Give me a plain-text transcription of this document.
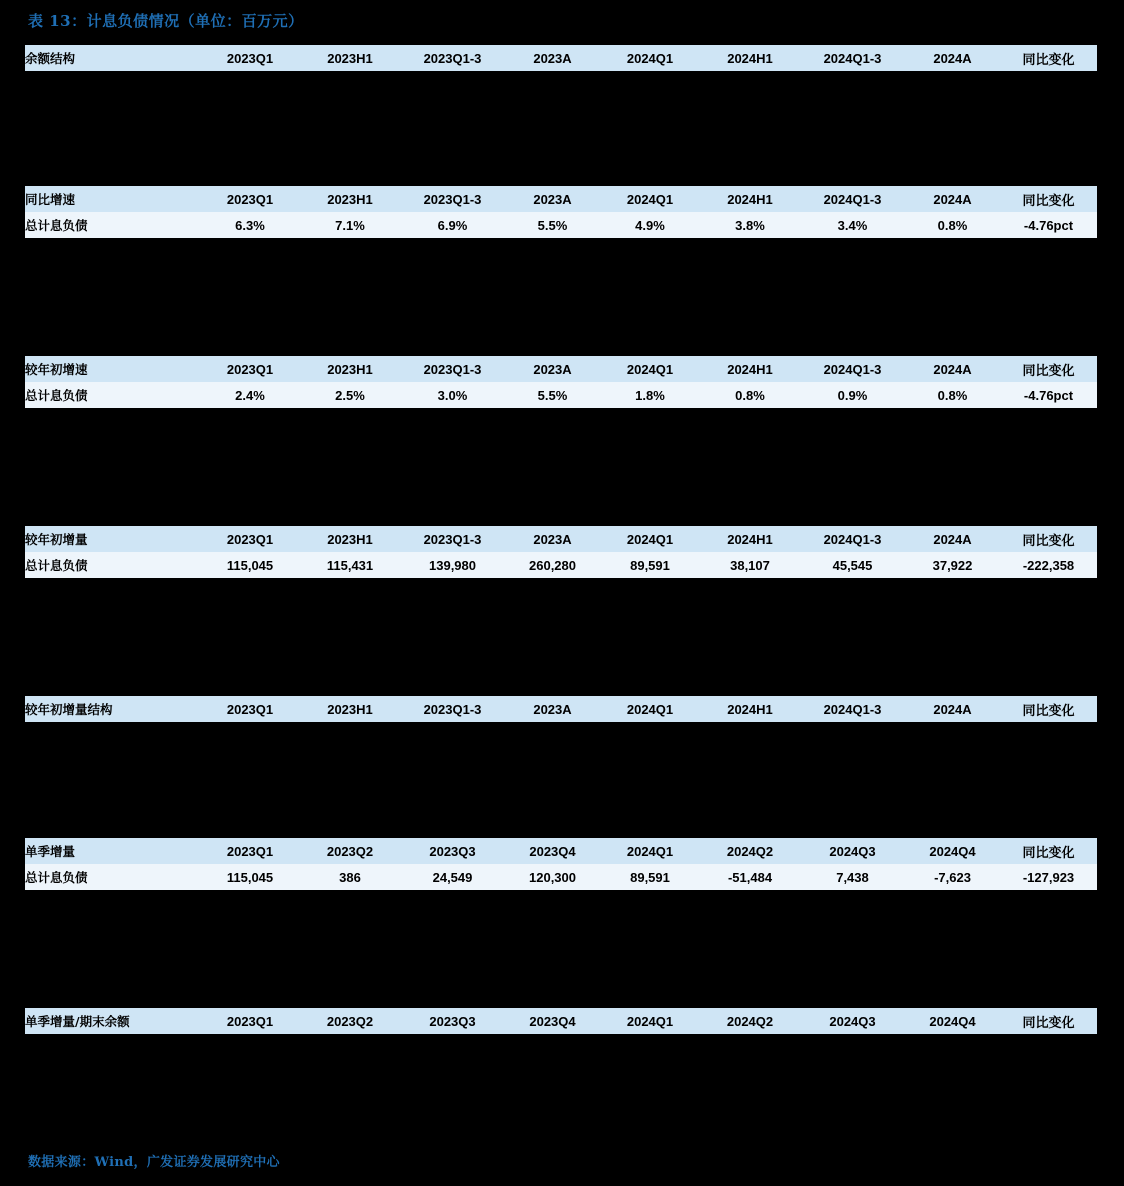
表 13：计息负债情况（单位：百万元）
余额结构	2023Q1	2023H1	2023Q1-3	2023A	2024Q1	2024H1	2024Q1-3	2024A	同比变化
同比增速	2023Q1	2023H1	2023Q1-3	2023A	2024Q1	2024H1	2024Q1-3	2024A	同比变化
总计息负债	6.3%	7.1%	6.9%	5.5%	4.9%	3.8%	3.4%	0.8%	-4.76pct
较年初增速	2023Q1	2023H1	2023Q1-3	2023A	2024Q1	2024H1	2024Q1-3	2024A	同比变化
总计息负债	2.4%	2.5%	3.0%	5.5%	1.8%	0.8%	0.9%	0.8%	-4.76pct
较年初增量	2023Q1	2023H1	2023Q1-3	2023A	2024Q1	2024H1	2024Q1-3	2024A	同比变化
总计息负债	115,045	115,431	139,980	260,280	89,591	38,107	45,545	37,922	-222,358
较年初增量结构	2023Q1	2023H1	2023Q1-3	2023A	2024Q1	2024H1	2024Q1-3	2024A	同比变化
单季增量	2023Q1	2023Q2	2023Q3	2023Q4	2024Q1	2024Q2	2024Q3	2024Q4	同比变化
总计息负债	115,045	386	24,549	120,300	89,591	-51,484	7,438	-7,623	-127,923
单季增量/期末余额	2023Q1	2023Q2	2023Q3	2023Q4	2024Q1	2024Q2	2024Q3	2024Q4	同比变化
数据来源：Wind，广发证券发展研究中心
